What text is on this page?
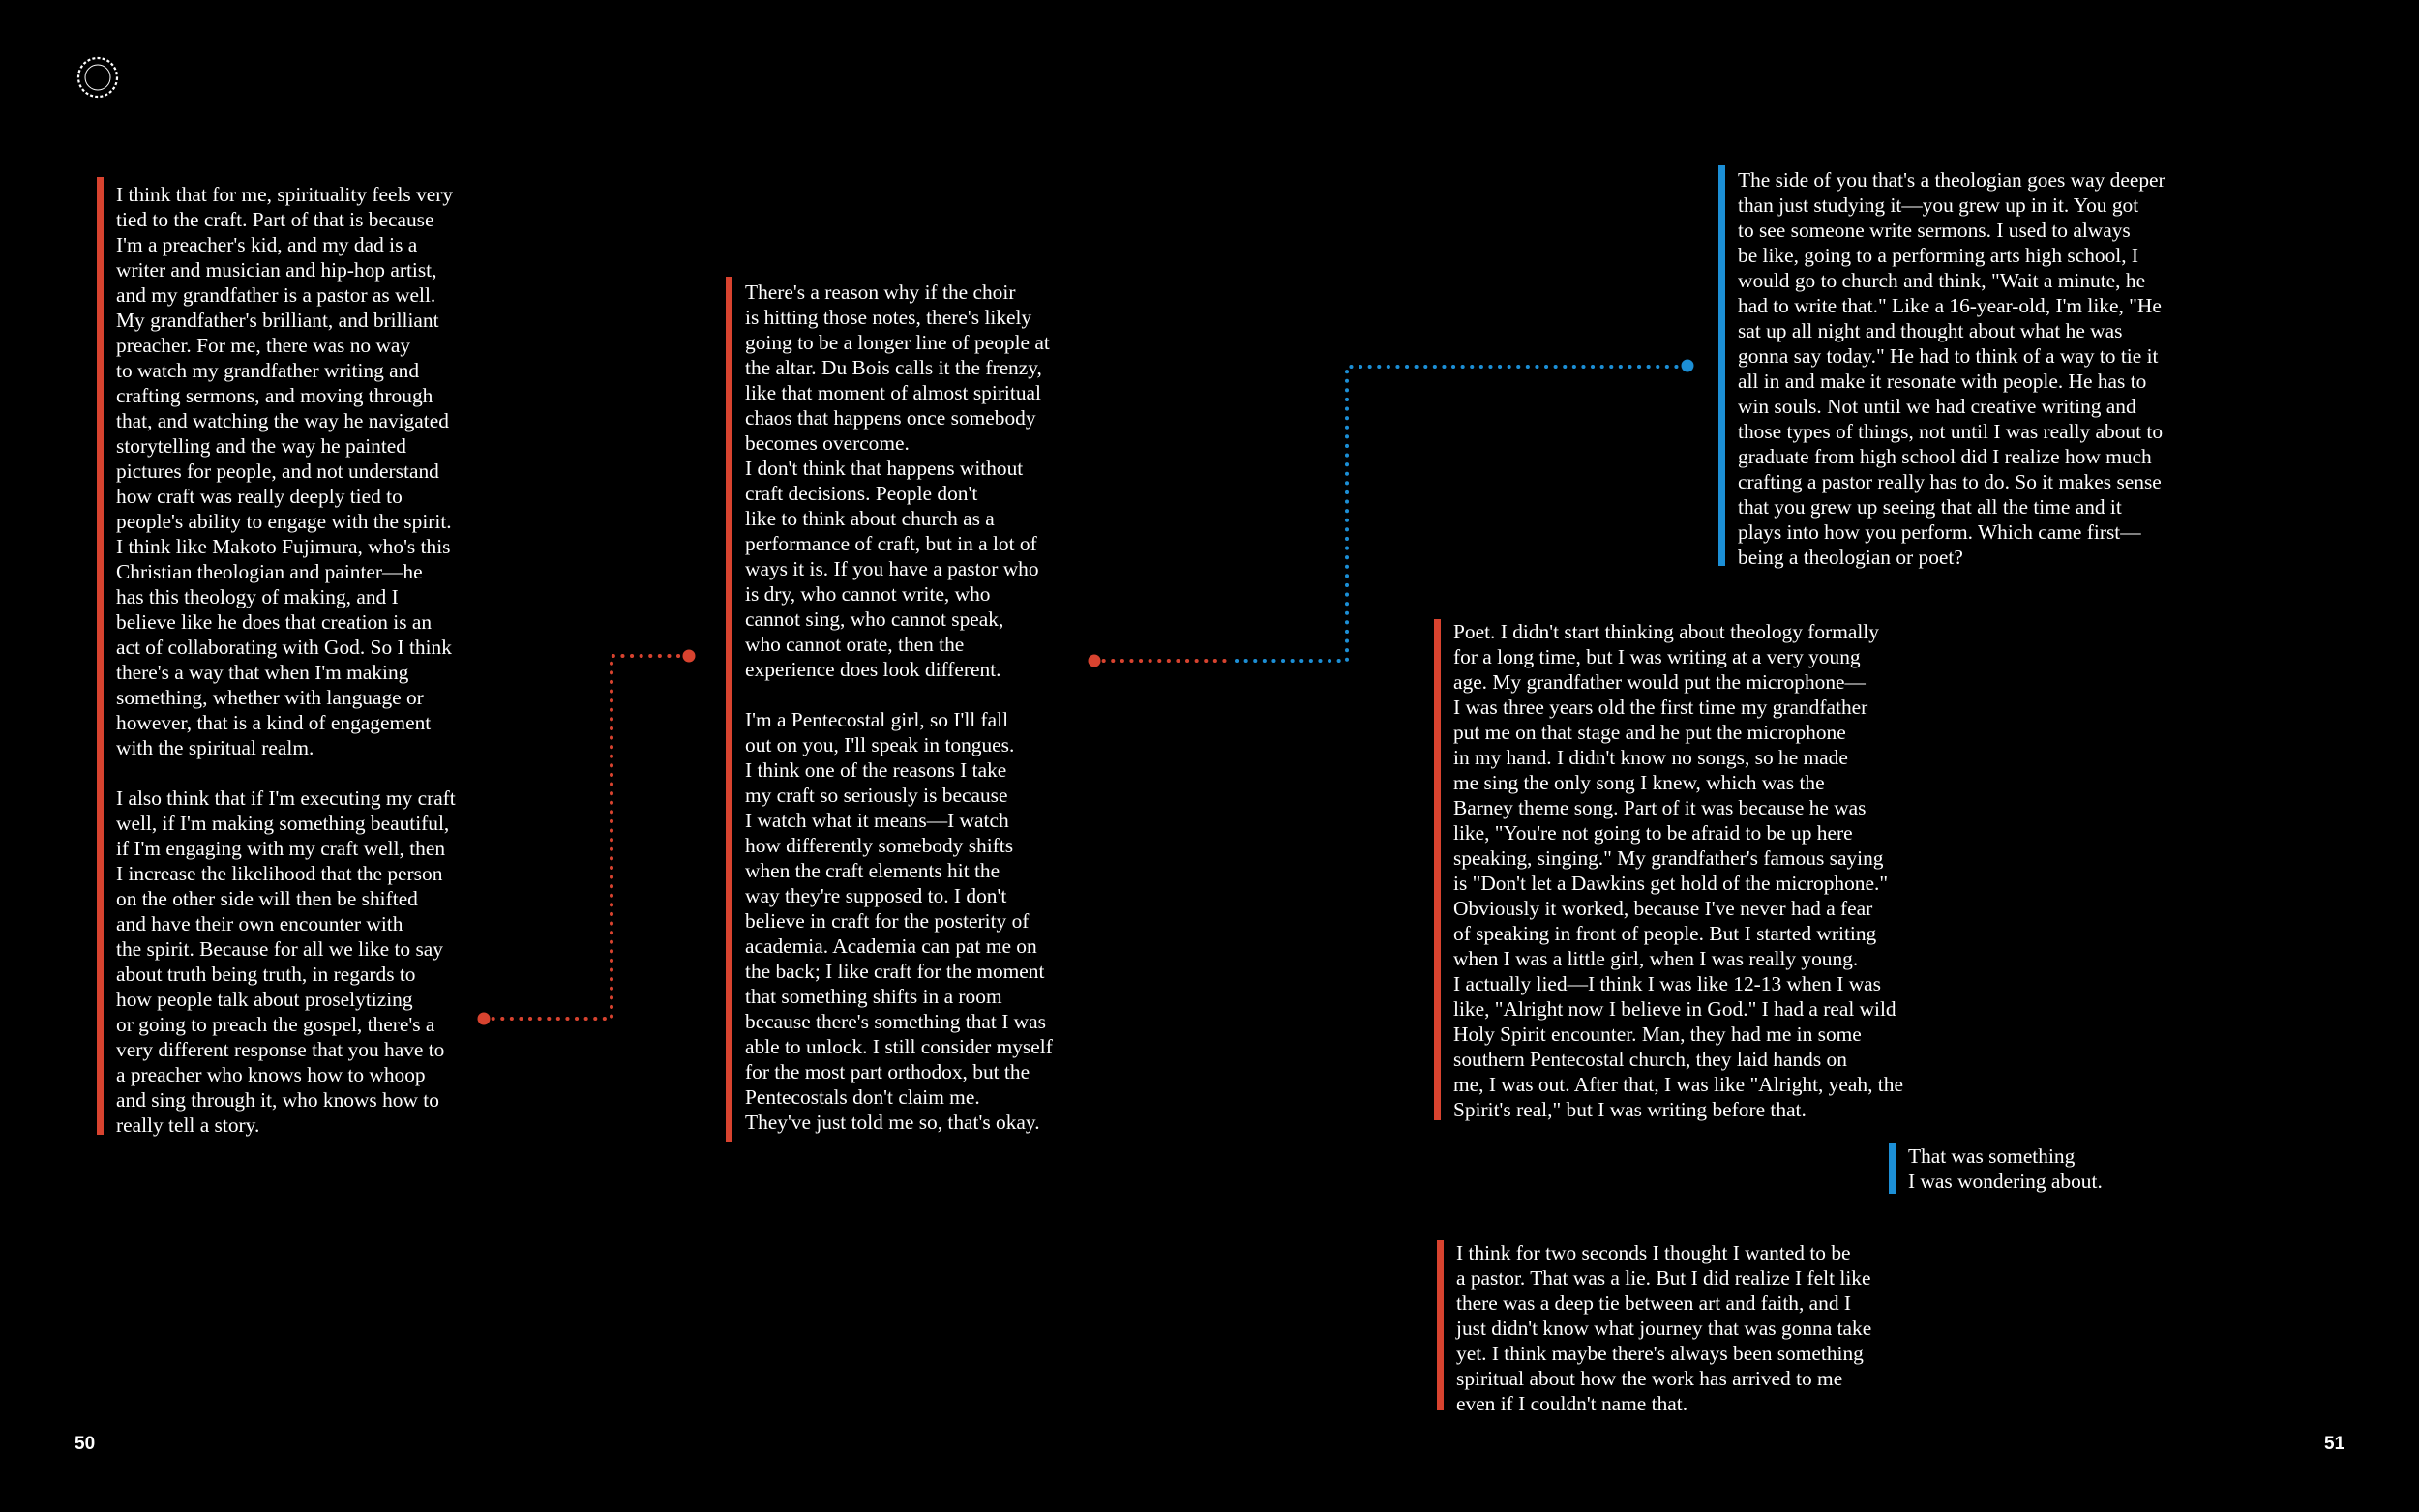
I think that for me, spirituality feels very
tied to the craft. Part of that is because
I'm a preacher's kid, and my dad is a
writer and musician and hip-hop artist,
and my grandfather is a pastor as well.
My grandfather's brilliant, and brilliant
preacher. For me, there was no way
to watch my grandfather writing and
crafting sermons, and moving through
that, and watching the way he navigated
storytelling and the way he painted
pictures for people, and not understand
how craft was really deeply tied to
people's ability to engage with the spirit.
I think like Makoto Fujimura, who's this
Christian theologian and painter—he
has this theology of making, and I
believe like he does that creation is an
act of collaborating with God. So I think
there's a way that when I'm making
something, whether with language or
however, that is a kind of engagement
with the spiritual realm.

I also think that if I'm executing my craft
well, if I'm making something beautiful,
if I'm engaging with my craft well, then
I increase the likelihood that the person
on the other side will then be shifted
and have their own encounter with
the spirit. Because for all we like to say
about truth being truth, in regards to
how people talk about proselytizing
or going to preach the gospel, there's a
very different response that you have to
a preacher who knows how to whoop
and sing through it, who knows how to
really tell a story.

There's a reason why if the choir
is hitting those notes, there's likely
going to be a longer line of people at
the altar. Du Bois calls it the frenzy,
like that moment of almost spiritual
chaos that happens once somebody
becomes overcome.
I don't think that happens without
craft decisions. People don't
like to think about church as a
performance of craft, but in a lot of
ways it is. If you have a pastor who
is dry, who cannot write, who
cannot sing, who cannot speak,
who cannot orate, then the
experience does look different.

I'm a Pentecostal girl, so I'll fall
out on you, I'll speak in tongues.
I think one of the reasons I take
my craft so seriously is because
I watch what it means—I watch
how differently somebody shifts
when the craft elements hit the
way they're supposed to. I don't
believe in craft for the posterity of
academia. Academia can pat me on
the back; I like craft for the moment
that something shifts in a room
because there's something that I was
able to unlock. I still consider myself
for the most part orthodox, but the
Pentecostals don't claim me.
They've just told me so, that's okay.

The side of you that's a theologian goes way deeper
than just studying it—you grew up in it. You got
to see someone write sermons. I used to always
be like, going to a performing arts high school, I
would go to church and think, "Wait a minute, he
had to write that." Like a 16-year-old, I'm like, "He
sat up all night and thought about what he was
gonna say today." He had to think of a way to tie it
all in and make it resonate with people. He has to
win souls. Not until we had creative writing and
those types of things, not until I was really about to
graduate from high school did I realize how much
crafting a pastor really has to do. So it makes sense
that you grew up seeing that all the time and it
plays into how you perform. Which came first—
being a theologian or poet?

Poet. I didn't start thinking about theology formally
for a long time, but I was writing at a very young
age. My grandfather would put the microphone—
I was three years old the first time my grandfather
put me on that stage and he put the microphone
in my hand. I didn't know no songs, so he made
me sing the only song I knew, which was the
Barney theme song. Part of it was because he was
like, "You're not going to be afraid to be up here
speaking, singing." My grandfather's famous saying
is "Don't let a Dawkins get hold of the microphone."
Obviously it worked, because I've never had a fear
of speaking in front of people. But I started writing
when I was a little girl, when I was really young.
I actually lied—I think I was like 12-13 when I was
like, "Alright now I believe in God." I had a real wild
Holy Spirit encounter. Man, they had me in some
southern Pentecostal church, they laid hands on
me, I was out. After that, I was like "Alright, yeah, the
Spirit's real," but I was writing before that.

That was something
I was wondering about.

I think for two seconds I thought I wanted to be
a pastor. That was a lie. But I did realize I felt like
there was a deep tie between art and faith, and I
just didn't know what journey that was gonna take
yet. I think maybe there's always been something
spiritual about how the work has arrived to me
even if I couldn't name that.

50	51
